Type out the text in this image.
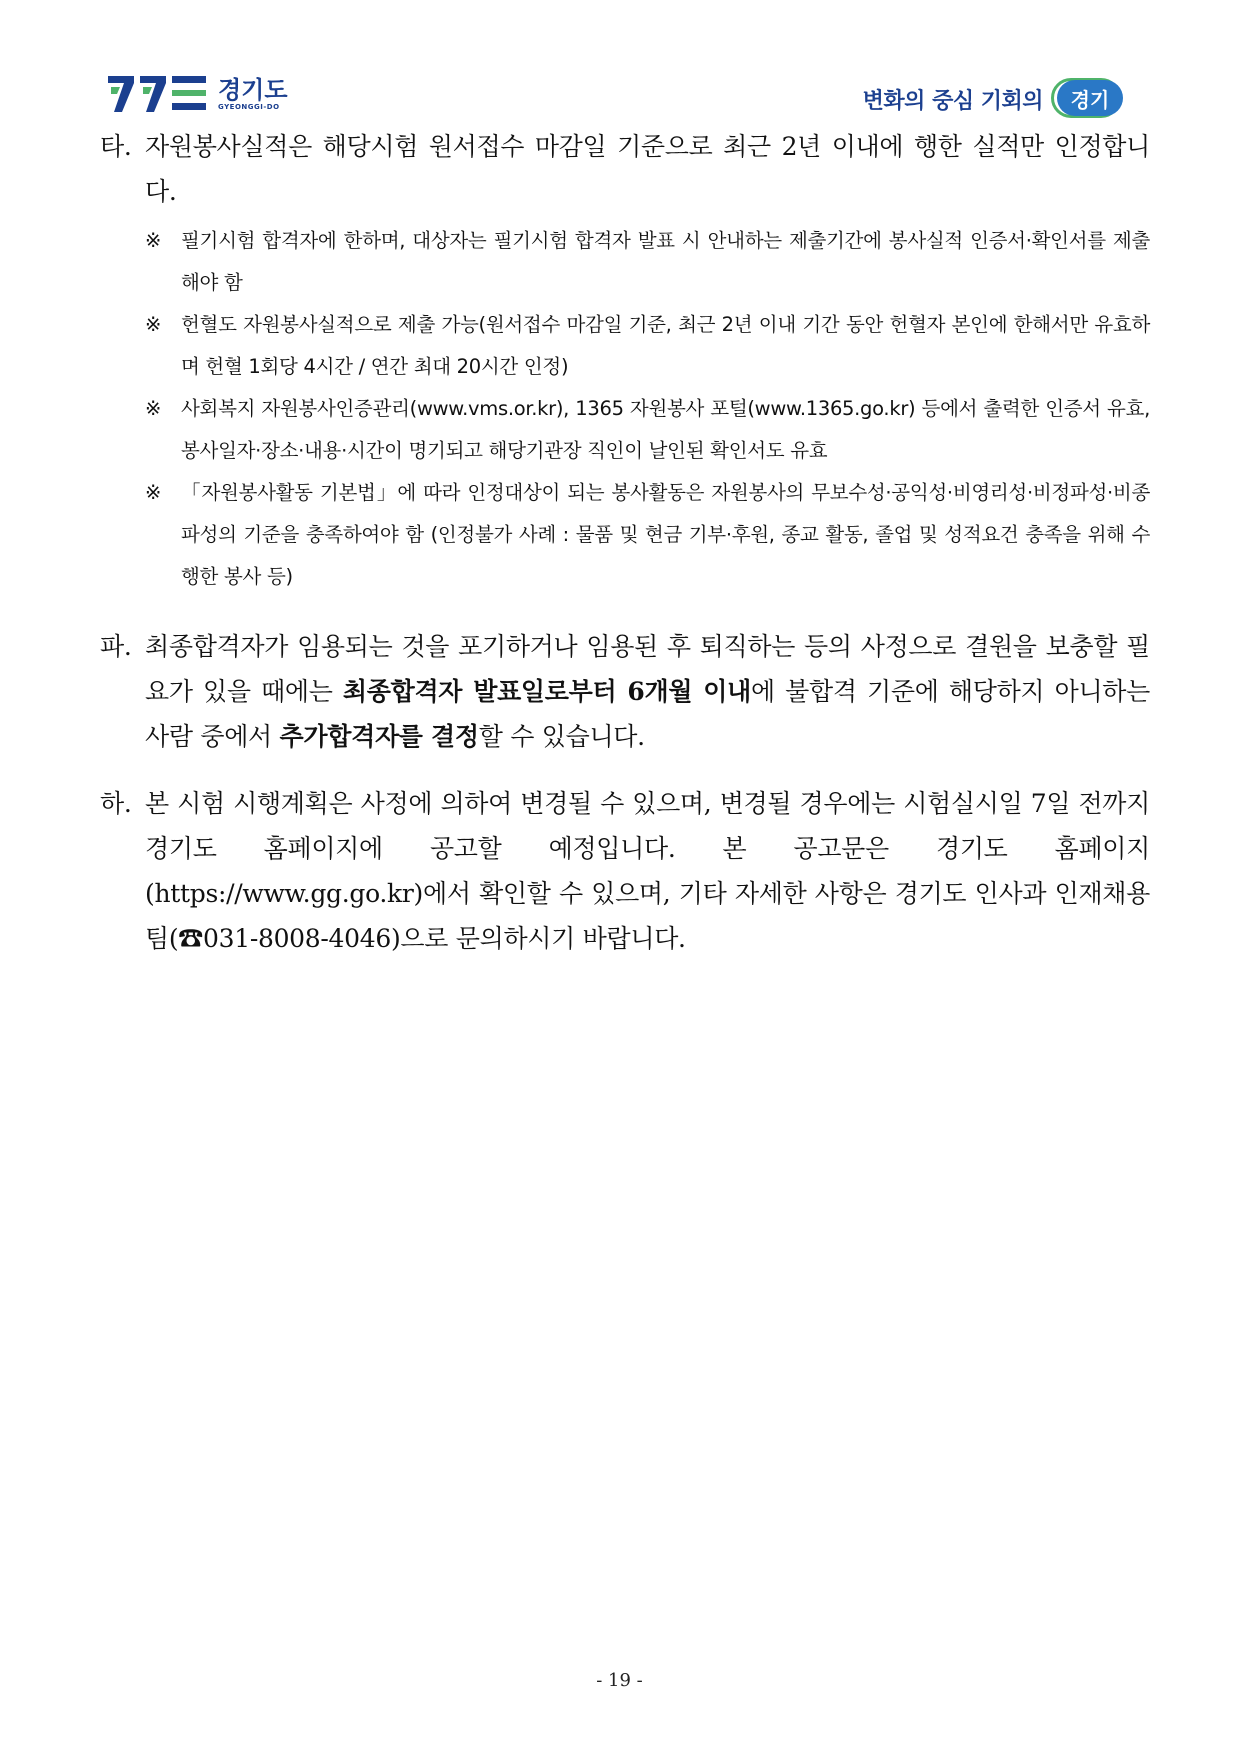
경기도
GYEONGGI-DO	변화의 중심 기회의	경기
타. 자원봉사실적은 해당시험 원서접수 마감일 기준으로 최근 2년 이내에 행한 실적만 인정합니다.
※ 필기시험 합격자에 한하며, 대상자는 필기시험 합격자 발표 시 안내하는 제출기간에 봉사실적 인증서·확인서를 제출해야 함
※ 헌혈도 자원봉사실적으로 제출 가능(원서접수 마감일 기준, 최근 2년 이내 기간 동안 헌혈자 본인에 한해서만 유효하며 헌혈 1회당 4시간 / 연간 최대 20시간 인정)
※ 사회복지 자원봉사인증관리(www.vms.or.kr), 1365 자원봉사 포털(www.1365.go.kr) 등에서 출력한 인증서 유효, 봉사일자·장소·내용·시간이 명기되고 해당기관장 직인이 날인된 확인서도 유효
※ 「자원봉사활동 기본법」에 따라 인정대상이 되는 봉사활동은 자원봉사의 무보수성·공익성·비영리성·비정파성·비종파성의 기준을 충족하여야 함 (인정불가 사례 : 물품 및 현금 기부·후원, 종교 활동, 졸업 및 성적요건 충족을 위해 수행한 봉사 등)
파. 최종합격자가 임용되는 것을 포기하거나 임용된 후 퇴직하는 등의 사정으로 결원을 보충할 필요가 있을 때에는 최종합격자 발표일로부터 6개월 이내에 불합격 기준에 해당하지 아니하는 사람 중에서 추가합격자를 결정할 수 있습니다.
하. 본 시험 시행계획은 사정에 의하여 변경될 수 있으며, 변경될 경우에는 시험실시일 7일 전까지 경기도 홈페이지에 공고할 예정입니다. 본 공고문은 경기도 홈페이지 (https://www.gg.go.kr)에서 확인할 수 있으며, 기타 자세한 사항은 경기도 인사과 인재채용팀(☎031-8008-4046)으로 문의하시기 바랍니다.
- 19 -
